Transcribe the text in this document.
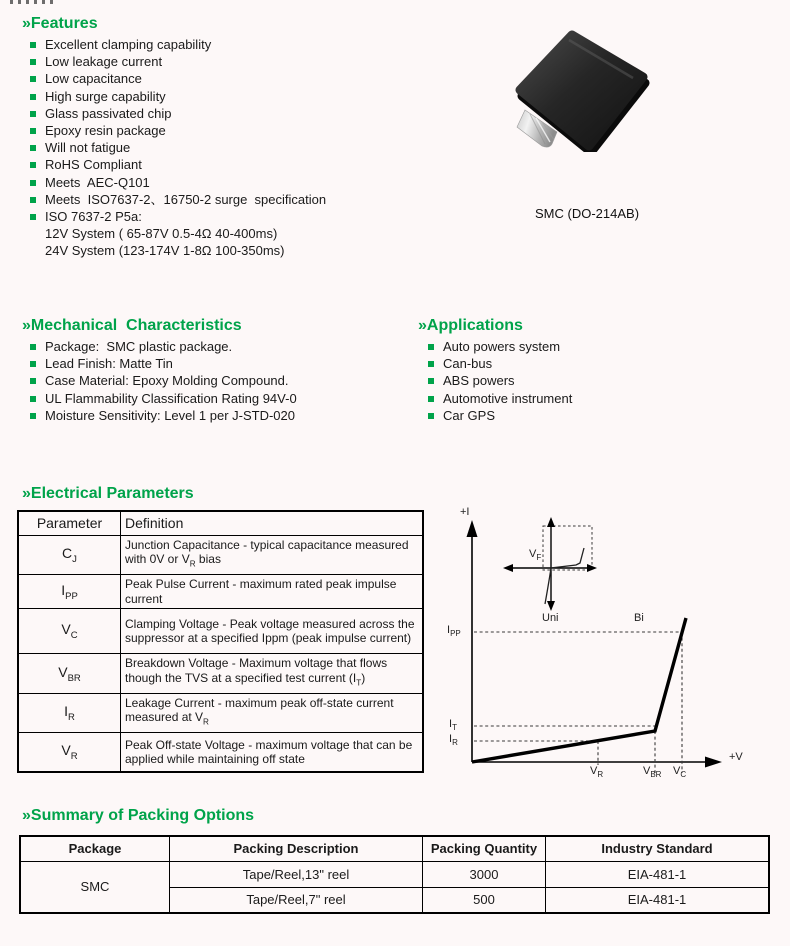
»Features
Excellent clamping capability
Low leakage current
Low capacitance
High surge capability
Glass passivated chip
Epoxy resin package
Will not fatigue
RoHS Compliant
Meets  AEC-Q101
Meets  ISO7637-2、16750-2 surge  specification
ISO 7637-2 P5a:
12V System ( 65-87V 0.5-4Ω 40-400ms)
24V System (123-174V 1-8Ω 100-350ms)
SMC (DO-214AB)
»Mechanical  Characteristics
Package:  SMC plastic package.
Lead Finish: Matte Tin
Case Material: Epoxy Molding Compound.
UL Flammability Classification Rating 94V-0
Moisture Sensitivity: Level 1 per J-STD-020
»Applications
Auto powers system
Can-bus
ABS powers
Automotive instrument
Car GPS
»Electrical Parameters
Parameter	Definition
$C_J$	Junction Capacitance - typical capacitance measured with 0V or $V_R$ bias
$I_{PP}$	Peak Pulse Current - maximum rated peak impulse current
$V_C$	Clamping Voltage - Peak voltage measured across the suppressor at a specified Ippm (peak impulse current)
$V_{BR}$	Breakdown Voltage - Maximum voltage that flows though the TVS at a specified test current $(I_T)$
$I_R$	Leakage Current - maximum peak off-state current measured at $V_R$
$V_R$	Peak Off-state Voltage - maximum voltage that can be applied while maintaining off state
+I
+V
$I_{PP}$
$I_T$
$I_R$
$V_R$	$V_{BR}$ $V_C$
$V_F$
Uni	Bi
»Summary of Packing Options
Package	Packing Description	Packing Quantity	Industry Standard
SMC	Tape/Reel,13" reel	3000	EIA-481-1
	Tape/Reel,7" reel	500	EIA-481-1
